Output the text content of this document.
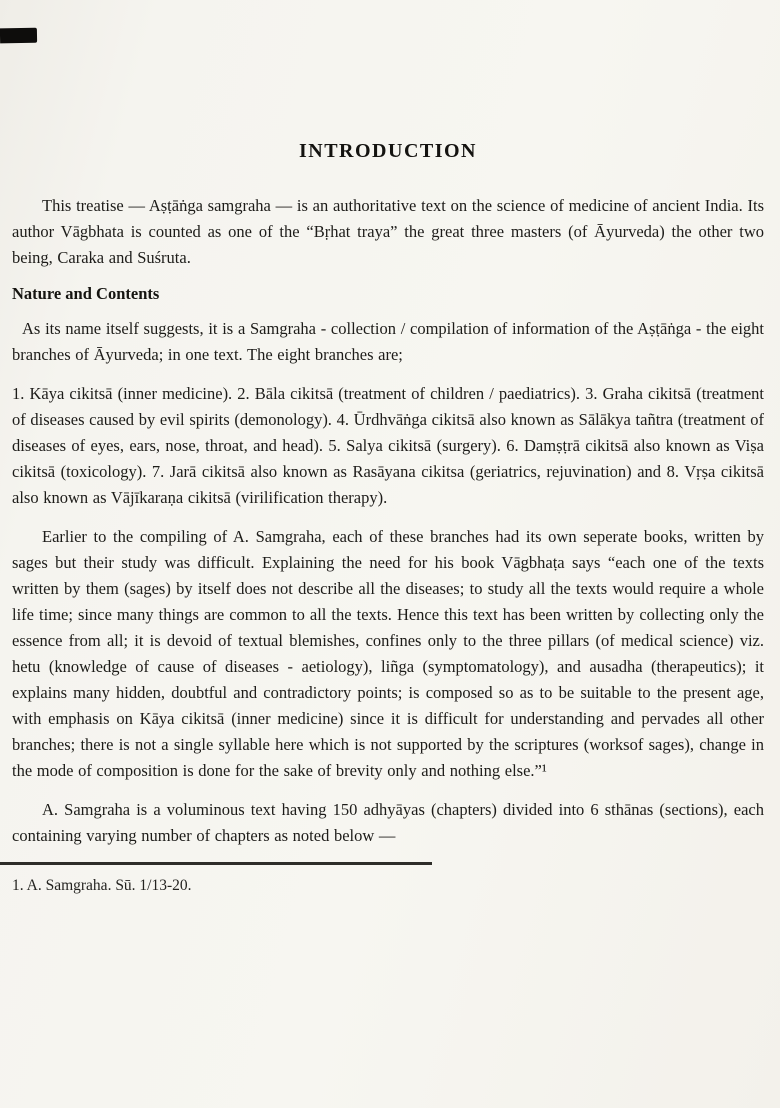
INTRODUCTION

This treatise — Aṣṭāṅga samgraha — is an authoritative text on the science of medicine of ancient India. Its author Vāgbhata is counted as one of the “Bṛhat traya” the great three masters (of Āyurveda) the other two being, Caraka and Suśruta.

Nature and Contents

As its name itself suggests, it is a Samgraha - collection / compilation of information of the Aṣṭāṅga - the eight branches of Āyurveda; in one text. The eight branches are;

1. Kāya cikitsā (inner medicine). 2. Bāla cikitsā (treatment of children / paediatrics). 3. Graha cikitsā (treatment of diseases caused by evil spirits (demonology). 4. Ūrdhvāṅga cikitsā also known as Sālākya tañtra (treatment of diseases of eyes, ears, nose, throat, and head). 5. Salya cikitsā (surgery). 6. Damṣṭrā cikitsā also known as Viṣa cikitsā (toxicology). 7. Jarā cikitsā also known as Rasāyana cikitsa (geriatrics, rejuvination) and 8. Vṛṣa cikitsā also known as Vājīkaraṇa cikitsā (virilification therapy).

Earlier to the compiling of A. Samgraha, each of these branches had its own seperate books, written by sages but their study was difficult. Explaining the need for his book Vāgbhaṭa says “each one of the texts written by them (sages) by itself does not describe all the diseases; to study all the texts would require a whole life time; since many things are common to all the texts. Hence this text has been written by collecting only the essence from all; it is devoid of textual blemishes, confines only to the three pillars (of medical science) viz. hetu (knowledge of cause of diseases - aetiology), liñga (symptomatology), and ausadha (therapeutics); it explains many hidden, doubtful and contradictory points; is composed so as to be suitable to the present age, with emphasis on Kāya cikitsā (inner medicine) since it is difficult for understanding and pervades all other branches; there is not a single syllable here which is not supported by the scriptures (worksof sages), change in the mode of composition is done for the sake of brevity only and nothing else.”¹

A. Samgraha is a voluminous text having 150 adhyāyas (chapters) divided into 6 sthānas (sections), each containing varying number of chapters as noted below —

1. A. Samgraha. Sū. 1/13-20.
